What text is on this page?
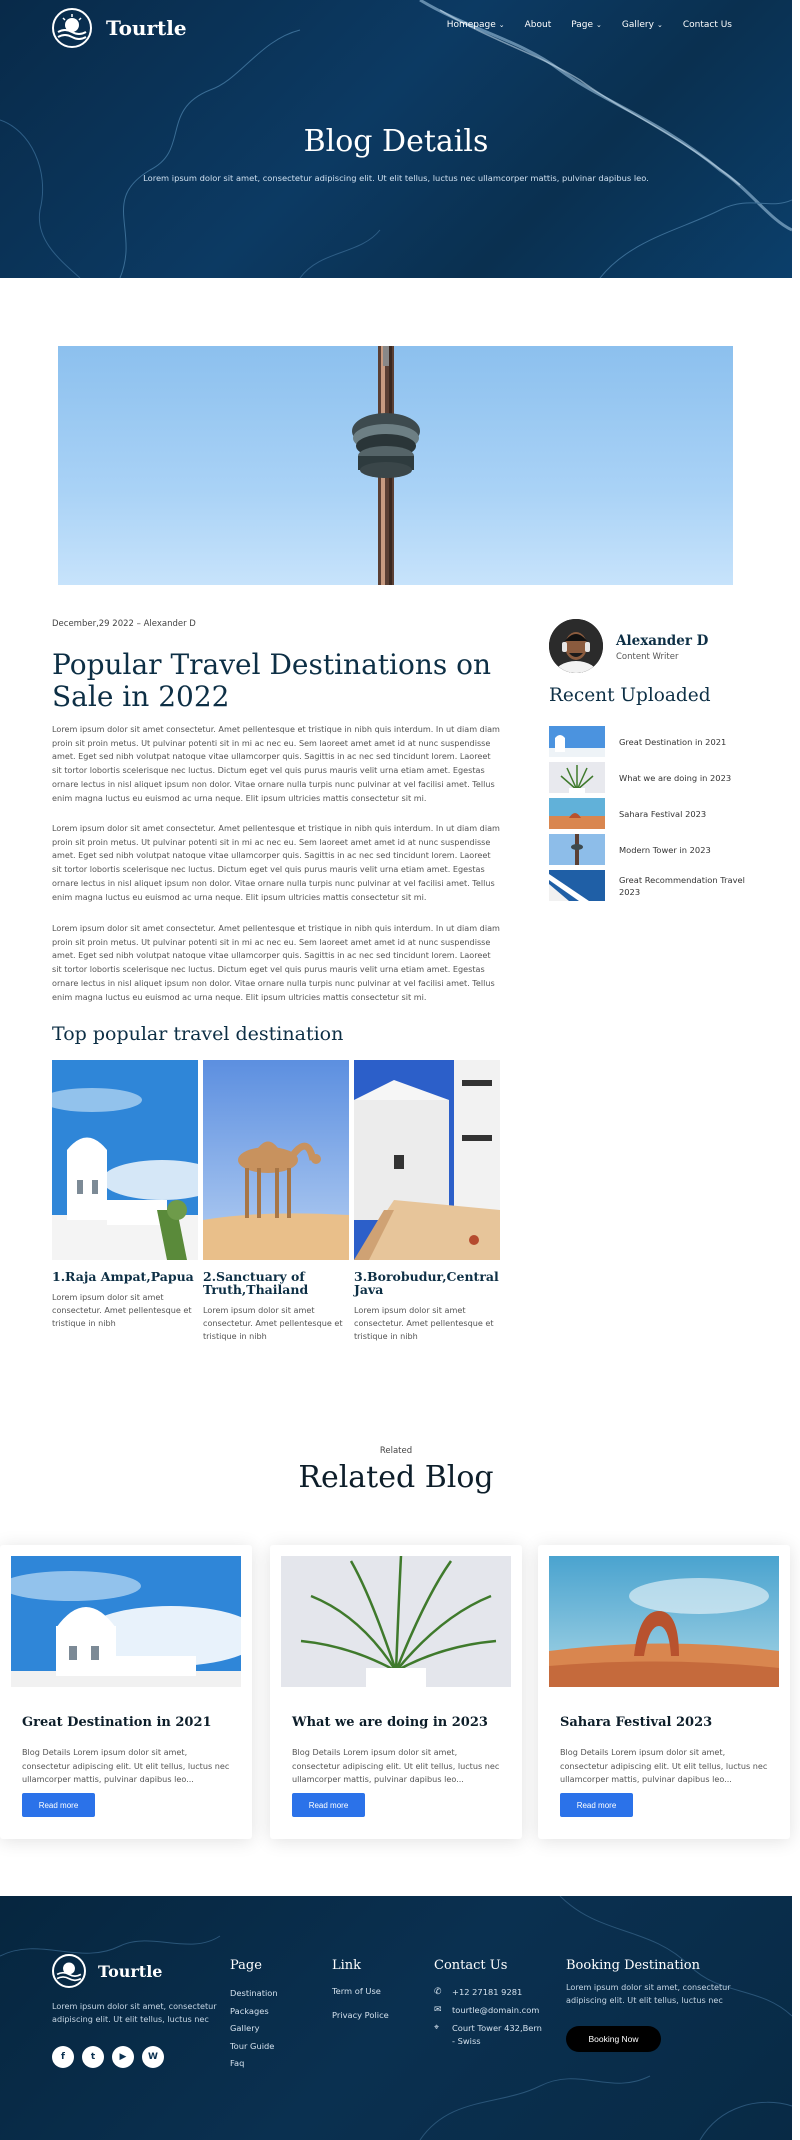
Tourtle	Homepage ⌄ About Page ⌄ Gallery ⌄ Contact Us
Blog Details
Lorem ipsum dolor sit amet, consectetur adipiscing elit. Ut elit tellus, luctus nec ullamcorper mattis, pulvinar dapibus leo.
December,29 2022 – Alexander D
Popular Travel Destinations on Sale in 2022

Lorem ipsum dolor sit amet consectetur. Amet pellentesque et tristique in nibh quis interdum. In ut diam diam proin sit proin metus. Ut pulvinar potenti sit in mi ac nec eu. Sem laoreet amet amet id at nunc suspendisse amet. Eget sed nibh volutpat natoque vitae ullamcorper quis. Sagittis in ac nec sed tincidunt lorem. Laoreet sit tortor lobortis scelerisque nec luctus. Dictum eget vel quis purus mauris velit urna etiam amet. Egestas ornare lectus in nisl aliquet ipsum non dolor. Vitae ornare nulla turpis nunc pulvinar at vel facilisi amet. Tellus enim magna luctus eu euismod ac urna neque. Elit ipsum ultricies mattis consectetur sit mi.

Lorem ipsum dolor sit amet consectetur. Amet pellentesque et tristique in nibh quis interdum. In ut diam diam proin sit proin metus. Ut pulvinar potenti sit in mi ac nec eu. Sem laoreet amet amet id at nunc suspendisse amet. Eget sed nibh volutpat natoque vitae ullamcorper quis. Sagittis in ac nec sed tincidunt lorem. Laoreet sit tortor lobortis scelerisque nec luctus. Dictum eget vel quis purus mauris velit urna etiam amet. Egestas ornare lectus in nisl aliquet ipsum non dolor. Vitae ornare nulla turpis nunc pulvinar at vel facilisi amet. Tellus enim magna luctus eu euismod ac urna neque. Elit ipsum ultricies mattis consectetur sit mi.

Lorem ipsum dolor sit amet consectetur. Amet pellentesque et tristique in nibh quis interdum. In ut diam diam proin sit proin metus. Ut pulvinar potenti sit in mi ac nec eu. Sem laoreet amet amet id at nunc suspendisse amet. Eget sed nibh volutpat natoque vitae ullamcorper quis. Sagittis in ac nec sed tincidunt lorem. Laoreet sit tortor lobortis scelerisque nec luctus. Dictum eget vel quis purus mauris velit urna etiam amet. Egestas ornare lectus in nisl aliquet ipsum non dolor. Vitae ornare nulla turpis nunc pulvinar at vel facilisi amet. Tellus enim magna luctus eu euismod ac urna neque. Elit ipsum ultricies mattis consectetur sit mi.

Top popular travel destination
1.Raja Ampat,Papua
Lorem ipsum dolor sit amet consectetur. Amet pellentesque et tristique in nibh
2.Sanctuary of Truth,Thailand
Lorem ipsum dolor sit amet consectetur. Amet pellentesque et tristique in nibh
3.Borobudur,Central Java
Lorem ipsum dolor sit amet consectetur. Amet pellentesque et tristique in nibh
Alexander D
Content Writer
Recent Uploaded
Great Destination in 2021
What we are doing in 2023
Sahara Festival 2023
Modern Tower in 2023
Great Recommendation Travel 2023
Related
Related Blog
Great Destination in 2021
Blog Details Lorem ipsum dolor sit amet, consectetur adipiscing elit. Ut elit tellus, luctus nec ullamcorper mattis, pulvinar dapibus leo...
Read more
What we are doing in 2023
Blog Details Lorem ipsum dolor sit amet, consectetur adipiscing elit. Ut elit tellus, luctus nec ullamcorper mattis, pulvinar dapibus leo...
Read more
Sahara Festival 2023
Blog Details Lorem ipsum dolor sit amet, consectetur adipiscing elit. Ut elit tellus, luctus nec ullamcorper mattis, pulvinar dapibus leo...
Read more
Tourtle
Lorem ipsum dolor sit amet, consectetur adipiscing elit. Ut elit tellus, luctus nec
f	t	▶	W
Page
Destination
Packages
Gallery
Tour Guide
Faq
Link
Term of Use
Privacy Police
Contact Us
✆ +12 27181 9281
✉ tourtle@domain.com
⌖	Court Tower 432,Bern - Swiss
Booking Destination
Lorem ipsum dolor sit amet, consectetur adipiscing elit. Ut elit tellus, luctus nec
Booking Now
